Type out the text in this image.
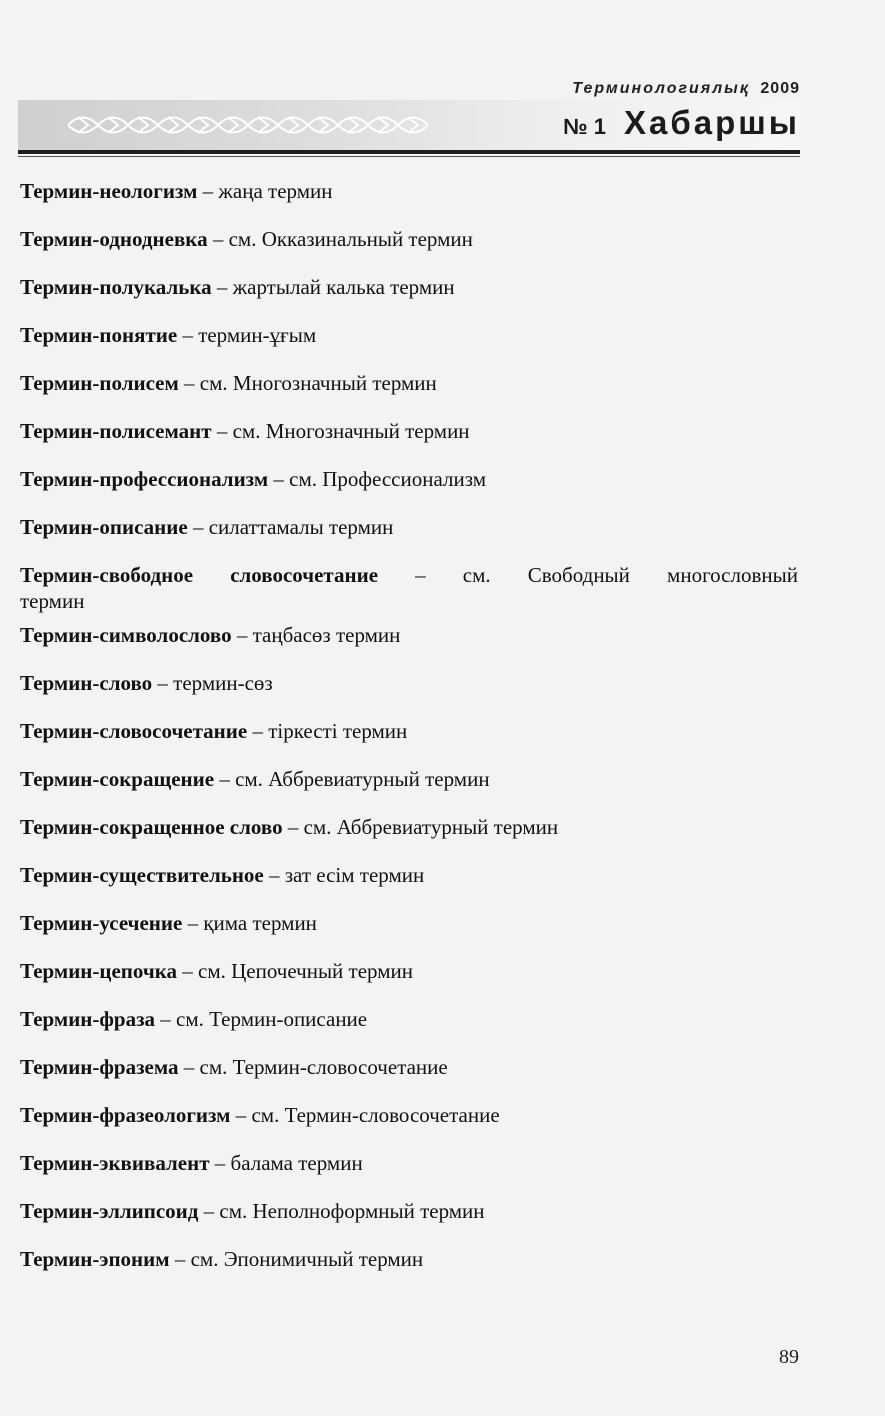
Терминологиялық 2009
№ 1 Хабаршы
Термин-неологизм – жаңа термин
Термин-однодневка – см. Окказинальный термин
Термин-полукалька – жартылай калька термин
Термин-понятие – термин-ұғым
Термин-полисем – см. Многозначный термин
Термин-полисемант – см. Многозначный термин
Термин-профессионализм – см. Профессионализм
Термин-описание – силаттамалы термин
Термин-свободное словосочетание – см. Свободный многословный
термин
Термин-символослово – таңбасөз термин
Термин-слово – термин-сөз
Термин-словосочетание – тіркесті термин
Термин-сокращение – см. Аббревиатурный термин
Термин-сокращенное слово – см. Аббревиатурный термин
Термин-существительное – зат есім термин
Термин-усечение – қима термин
Термин-цепочка – см. Цепочечный термин
Термин-фраза – см. Термин-описание
Термин-фразема – см. Термин-словосочетание
Термин-фразеологизм – см. Термин-словосочетание
Термин-эквивалент – балама термин
Термин-эллипсоид – см. Неполноформный термин
Термин-эпоним – см. Эпонимичный термин
89
